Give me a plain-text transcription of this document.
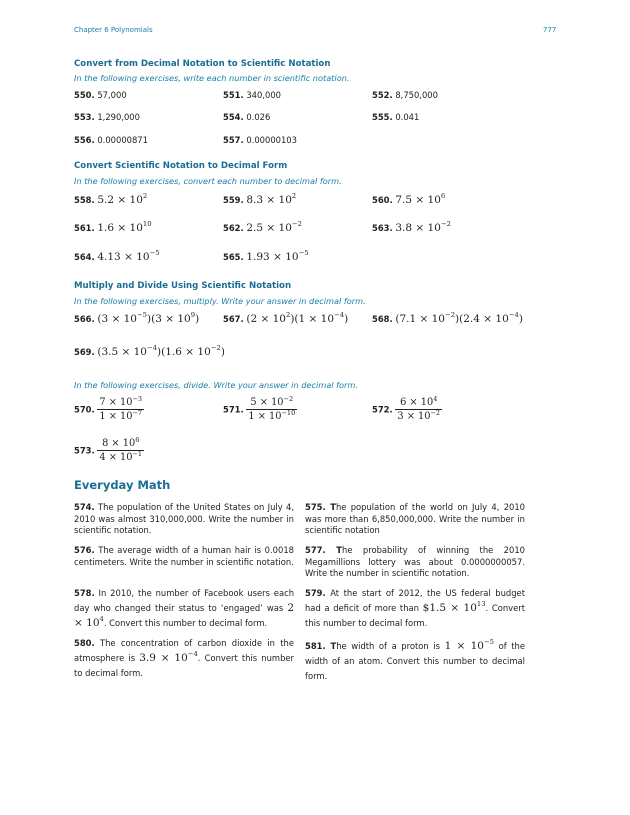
Chapter 6 Polynomials	777
Convert from Decimal Notation to Scientific Notation
In the following exercises, write each number in scientific notation.
550. 57,000	551. 340,000	552. 8,750,000
553. 1,290,000	554. 0.026	555. 0.041
556. 0.00000871	557. 0.00000103
Convert Scientific Notation to Decimal Form
In the following exercises, convert each number to decimal form.
558. $5.2 \times 10^2$	559. $8.3 \times 10^2$	560. $7.5 \times 10^6$
561. $1.6 \times 10^{10}$	562. $2.5 \times 10^{-2}$	563. $3.8 \times 10^{-2}$
564. $4.13 \times 10^{-5}$	565. $1.93 \times 10^{-5}$
Multiply and Divide Using Scientific Notation
In the following exercises, multiply. Write your answer in decimal form.
566. $(3 \times 10^{-5})(3 \times 10^9)$	567. $(2 \times 10^2)(1 \times 10^{-4})$	568. $(7.1 \times 10^{-2})(2.4 \times 10^{-4})$
569. $(3.5 \times 10^{-4})(1.6 \times 10^{-2})$
In the following exercises, divide. Write your answer in decimal form.
570. $\frac{7 \times 10^{-3}}{1 \times 10^{-7}}$	571. $\frac{5 \times 10^{-2}}{1 \times 10^{-10}}$	572. $\frac{6 \times 10^4}{3 \times 10^{-2}}$
573. $\frac{8 \times 10^6}{4 \times 10^{-1}}$
Everyday Math
574. The population of the United States on July 4, 2010 was almost 310,000,000. Write the number in scientific notation.
575. The population of the world on July 4, 2010 was more than 6,850,000,000. Write the number in scientific notation
576. The average width of a human hair is 0.0018 centimeters. Write the number in scientific notation.
577. The probability of winning the 2010 Megamillions lottery was about 0.0000000057. Write the number in scientific notation.
578. In 2010, the number of Facebook users each day who changed their status to ‘engaged’ was $2 \times 10^4$. Convert this number to decimal form.
579. At the start of 2012, the US federal budget had a deficit of more than $1.5 × $10^{13}$. Convert this number to decimal form.
580. The concentration of carbon dioxide in the atmosphere is $3.9 \times 10^{-4}$. Convert this number to decimal form.
581. The width of a proton is $1 \times 10^{-5}$ of the width of an atom. Convert this number to decimal form.
